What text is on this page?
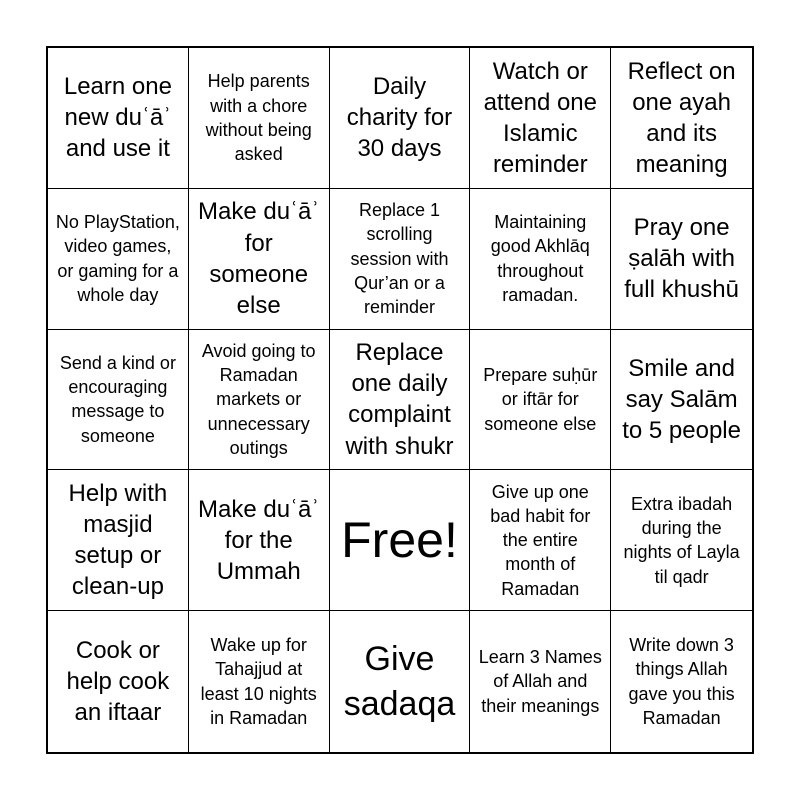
Learn one new duʿāʾ and use it
Help parents with a chore without being asked
Daily charity for 30 days
Watch or attend one Islamic reminder
Reflect on one ayah and its meaning
No PlayStation, video games, or gaming for a whole day
Make duʿāʾ for someone else
Replace 1 scrolling session with Qur’an or a reminder
Maintaining good Akhlāq throughout ramadan.
Pray one ṣalāh with full khushū
Send a kind or encouraging message to someone
Avoid going to Ramadan markets or unnecessary outings
Replace one daily complaint with shukr
Prepare suḥūr or iftār for someone else
Smile and say Salām to 5 people
Help with masjid setup or clean-up
Make duʿāʾ for the Ummah
Free!
Give up one bad habit for the entire month of Ramadan
Extra ibadah during the nights of Layla til qadr
Cook or help cook an iftaar
Wake up for Tahajjud at least 10 nights in Ramadan
Give sadaqa
Learn 3 Names of Allah and their meanings
Write down 3 things Allah gave you this Ramadan
